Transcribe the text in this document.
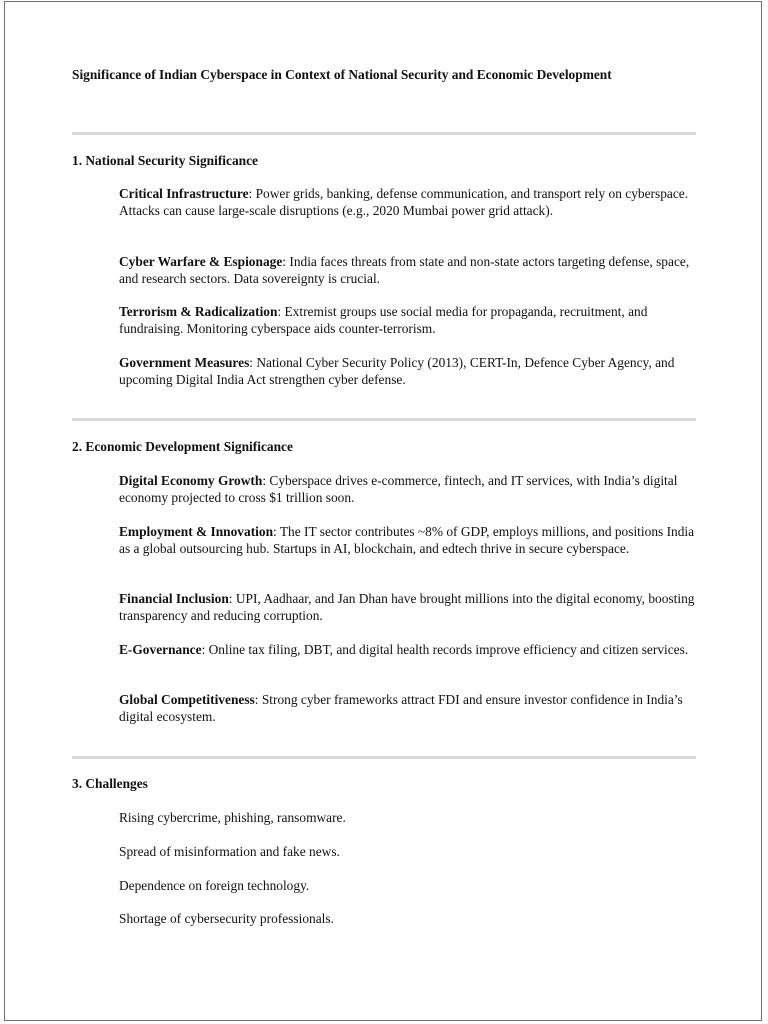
Significance of Indian Cyberspace in Context of National Security and Economic Development

1. National Security Significance

Critical Infrastructure: Power grids, banking, defense communication, and transport rely on cyberspace. Attacks can cause large-scale disruptions (e.g., 2020 Mumbai power grid attack).

Cyber Warfare & Espionage: India faces threats from state and non-state actors targeting defense, space, and research sectors. Data sovereignty is crucial.

Terrorism & Radicalization: Extremist groups use social media for propaganda, recruitment, and fundraising. Monitoring cyberspace aids counter-terrorism.

Government Measures: National Cyber Security Policy (2013), CERT-In, Defence Cyber Agency, and upcoming Digital India Act strengthen cyber defense.

2. Economic Development Significance

Digital Economy Growth: Cyberspace drives e-commerce, fintech, and IT services, with India’s digital economy projected to cross $1 trillion soon.

Employment & Innovation: The IT sector contributes ~8% of GDP, employs millions, and positions India as a global outsourcing hub. Startups in AI, blockchain, and edtech thrive in secure cyberspace.

Financial Inclusion: UPI, Aadhaar, and Jan Dhan have brought millions into the digital economy, boosting transparency and reducing corruption.

E-Governance: Online tax filing, DBT, and digital health records improve efficiency and citizen services.

Global Competitiveness: Strong cyber frameworks attract FDI and ensure investor confidence in India’s digital ecosystem.

3. Challenges

Rising cybercrime, phishing, ransomware.

Spread of misinformation and fake news.

Dependence on foreign technology.

Shortage of cybersecurity professionals.
